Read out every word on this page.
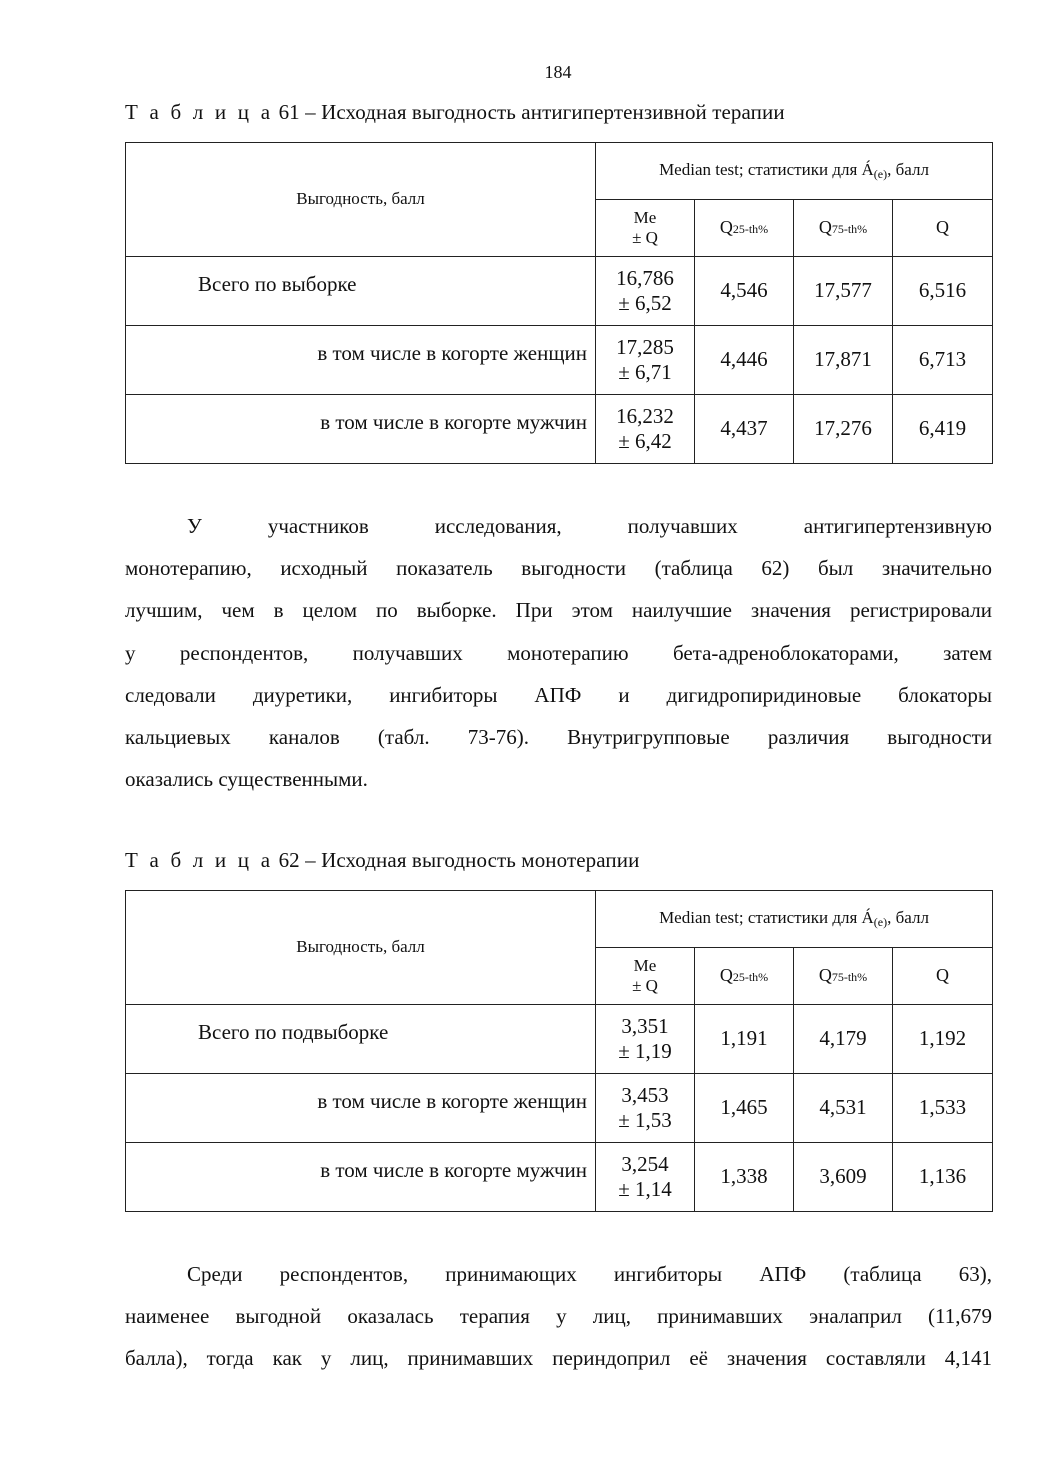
184
Т а б л и ц а 61 – Исходная выгодность антигипертензивной терапии
Выгодность, балл	Median test; статистики для Á(e), балл			
	Me
± Q	Q25-th%	Q75-th%	Q

Всего по выборке	16,786
± 6,52	4,546	17,577	6,516

в том числе в когорте женщин	17,285
± 6,71	4,446	17,871	6,713

в том числе в когорте мужчин	16,232
± 6,42	4,437	17,276	6,419
У участников исследования, получавших антигипертензивную
монотерапию, исходный показатель выгодности (таблица 62) был значительно
лучшим, чем в целом по выборке. При этом наилучшие значения регистрировали
у респондентов, получавших монотерапию бета-адреноблокаторами, затем
следовали диуретики, ингибиторы АПФ и дигидропиридиновые блокаторы
кальциевых каналов (табл. 73-76). Внутригрупповые различия выгодности
оказались существенными.
Т а б л и ц а 62 – Исходная выгодность монотерапии
Выгодность, балл	Median test; статистики для Á(e), балл			
	Me
± Q	Q25-th%	Q75-th%	Q

Всего по подвыборке	3,351
± 1,19	1,191	4,179	1,192

в том числе в когорте женщин	3,453
± 1,53	1,465	4,531	1,533

в том числе в когорте мужчин	3,254
± 1,14	1,338	3,609	1,136
Среди респондентов, принимающих ингибиторы АПФ (таблица 63),
наименее выгодной оказалась терапия у лиц, принимавших эналаприл (11,679
балла), тогда как у лиц, принимавших периндоприл её значения составляли 4,141
